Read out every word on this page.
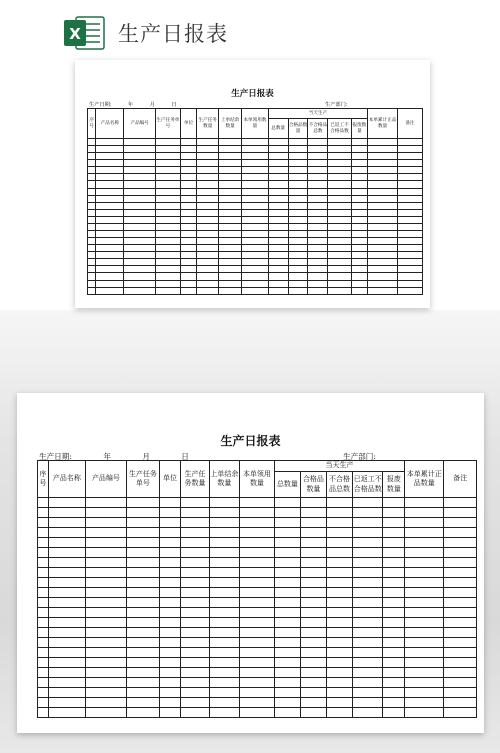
X 生产日报表
生产日报表
生产日期:	年	月	日	生产部门:
序号	产品名称	产品编号	生产任务单号	单位	生产任务数量	上单结余数量	本单领用数量	当天生产					本单累计正品数量	备注
								总数量	合格品数量	不合格品总数	已返工不合格品数	报废数量		

生产日报表
生产日期:	年	月	日	生产部门:
序号	产品名称	产品编号	生产任务单号	单位	生产任务数量	上单结余数量	本单领用数量	当天生产					本单累计正品数量	备注
								总数量	合格品数量	不合格品总数	已返工不合格品数	报废数量		
